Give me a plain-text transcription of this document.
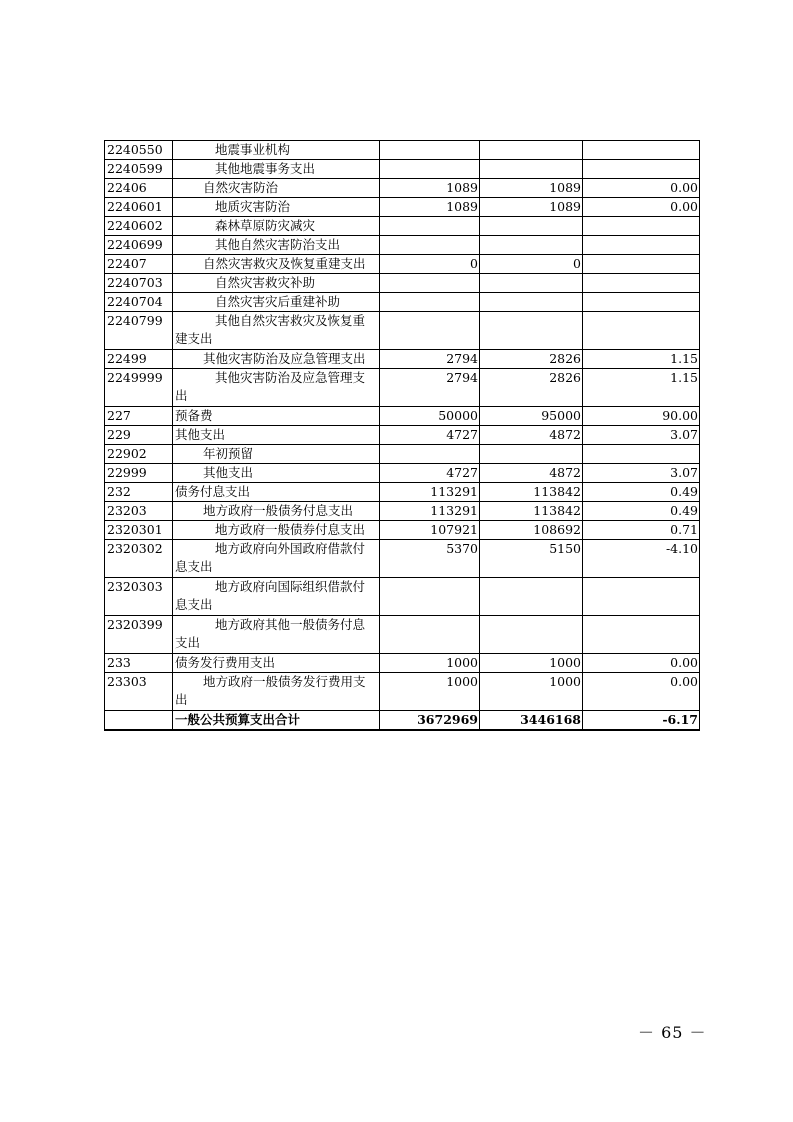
2240550	地震事业机构			
2240599	其他地震事务支出			
22406	自然灾害防治	1089	1089	0.00
2240601	地质灾害防治	1089	1089	0.00
2240602	森林草原防灾减灾			
2240699	其他自然灾害防治支出			
22407	自然灾害救灾及恢复重建支出	0	0	
2240703	自然灾害救灾补助			
2240704	自然灾害灾后重建补助			
2240799	其他自然灾害救灾及恢复重建支出			
22499	其他灾害防治及应急管理支出	2794	2826	1.15
2249999	其他灾害防治及应急管理支出	2794	2826	1.15
227	预备费	50000	95000	90.00
229	其他支出	4727	4872	3.07
22902	年初预留			
22999	其他支出	4727	4872	3.07
232	债务付息支出	113291	113842	0.49
23203	地方政府一般债务付息支出	113291	113842	0.49
2320301	地方政府一般债券付息支出	107921	108692	0.71
2320302	地方政府向外国政府借款付息支出	5370	5150	-4.10
2320303	地方政府向国际组织借款付息支出			
2320399	地方政府其他一般债务付息支出			
233	债务发行费用支出	1000	1000	0.00
23303	地方政府一般债务发行费用支出	1000	1000	0.00
	一般公共预算支出合计	3672969	3446168	-6.17
－ 65 －
